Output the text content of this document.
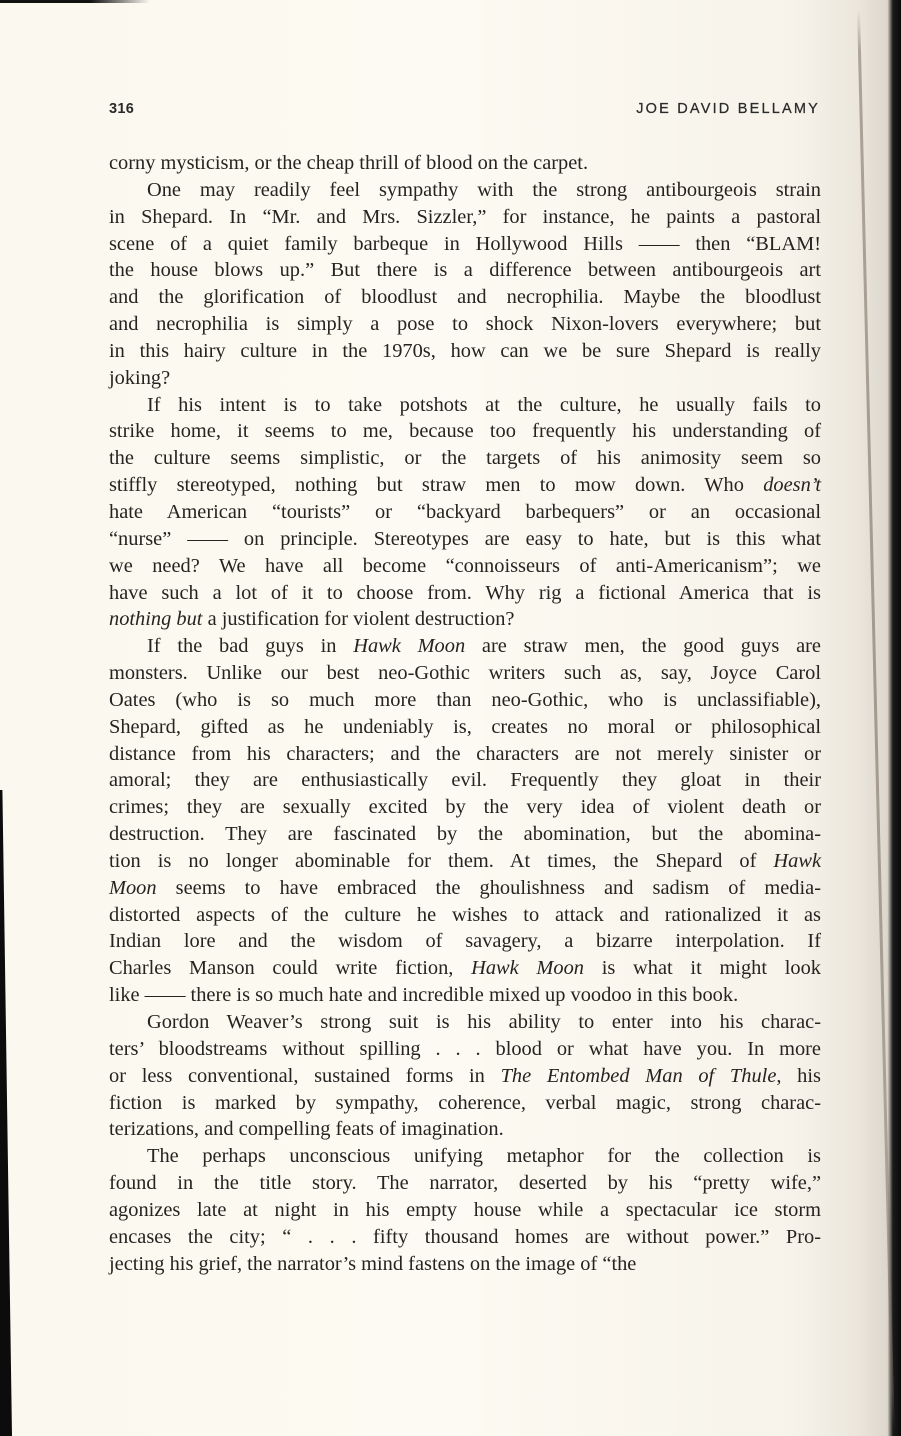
316	JOE DAVID BELLAMY
corny mysticism, or the cheap thrill of blood on the carpet.
One may readily feel sympathy with the strong antibourgeois strain
in Shepard. In “Mr. and Mrs. Sizzler,” for instance, he paints a pastoral
scene of a quiet family barbeque in Hollywood Hills —— then “BLAM!
the house blows up.” But there is a difference between antibourgeois art
and the glorification of bloodlust and necrophilia. Maybe the bloodlust
and necrophilia is simply a pose to shock Nixon-lovers everywhere; but
in this hairy culture in the 1970s, how can we be sure Shepard is really
joking?
If his intent is to take potshots at the culture, he usually fails to
strike home, it seems to me, because too frequently his understanding of
the culture seems simplistic, or the targets of his animosity seem so
stiffly stereotyped, nothing but straw men to mow down. Who doesn’t
hate American “tourists” or “backyard barbequers” or an occasional
“nurse” —— on principle. Stereotypes are easy to hate, but is this what
we need? We have all become “connoisseurs of anti-Americanism”; we
have such a lot of it to choose from. Why rig a fictional America that is
nothing but a justification for violent destruction?
If the bad guys in Hawk Moon are straw men, the good guys are
monsters. Unlike our best neo-Gothic writers such as, say, Joyce Carol
Oates (who is so much more than neo-Gothic, who is unclassifiable),
Shepard, gifted as he undeniably is, creates no moral or philosophical
distance from his characters; and the characters are not merely sinister or
amoral; they are enthusiastically evil. Frequently they gloat in their
crimes; they are sexually excited by the very idea of violent death or
destruction. They are fascinated by the abomination, but the abomina-
tion is no longer abominable for them. At times, the Shepard of Hawk
Moon seems to have embraced the ghoulishness and sadism of media-
distorted aspects of the culture he wishes to attack and rationalized it as
Indian lore and the wisdom of savagery, a bizarre interpolation. If
Charles Manson could write fiction, Hawk Moon is what it might look
like —— there is so much hate and incredible mixed up voodoo in this book.
Gordon Weaver’s strong suit is his ability to enter into his charac-
ters’ bloodstreams without spilling . . . blood or what have you. In more
or less conventional, sustained forms in The Entombed Man of Thule, his
fiction is marked by sympathy, coherence, verbal magic, strong charac-
terizations, and compelling feats of imagination.
The perhaps unconscious unifying metaphor for the collection is
found in the title story. The narrator, deserted by his “pretty wife,”
agonizes late at night in his empty house while a spectacular ice storm
encases the city; “ . . . fifty thousand homes are without power.” Pro-
jecting his grief, the narrator’s mind fastens on the image of “the
